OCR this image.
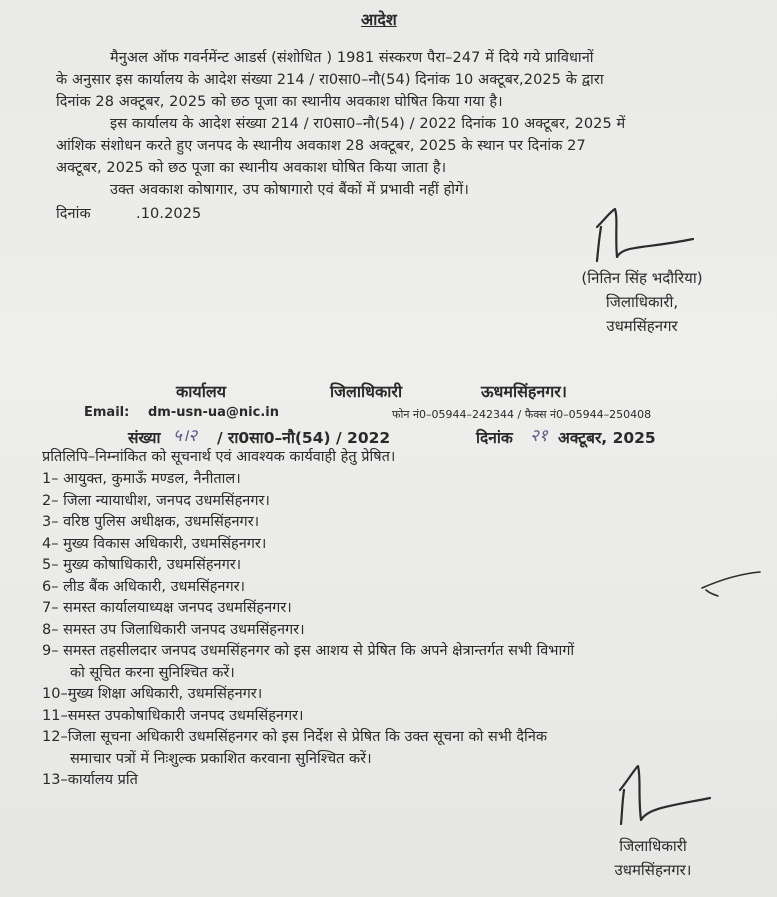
आदेश

मैनुअल ऑफ गवर्नमेंन्ट आडर्स (संशोधित ) 1981 संस्करण पैरा–247 में दिये गये प्राविधानों

के अनुसार इस कार्यालय के आदेश संख्या 214 / रा0सा0–नौ(54) दिनांक 10 अक्टूबर,2025 के द्वारा

दिनांक 28 अक्टूबर, 2025 को छठ पूजा का स्थानीय अवकाश घोषित किया गया है।

इस कार्यालय के आदेश संख्या 214 / रा0सा0–नौ(54) / 2022 दिनांक 10 अक्टूबर, 2025 में

आंशिक संशोधन करते हुए जनपद के स्थानीय अवकाश 28 अक्टूबर, 2025 के स्थान पर दिनांक 27

अक्टूबर, 2025 को छठ पूजा का स्थानीय अवकाश घोषित किया जाता है।

उक्त अवकाश कोषागार, उप कोषागारो एवं बैंकों में प्रभावी नहीं होगें।

दिनांक	.10.2025
(नितिन सिंह भदौरिया)
जिलाधिकारी,
उधमसिंहनगर
कार्यालय	जिलाधिकारी	ऊधमसिंहनगर।
Email: dm-usn-ua@nic.in	फोन नं0–05944–242344 / फैक्स नं0–05944–250408
संख्या ५।२ / रा0सा0–नौ(54) / 2022	दिनांक २१ अक्टूबर, 2025
प्रतिलिपि–निम्नांकित को सूचनार्थ एवं आवश्यक कार्यवाही हेतु प्रेषित।
1– आयुक्त, कुमाऊँ मण्डल, नैनीताल।
2– जिला न्यायाधीश, जनपद उधमसिंहनगर।
3– वरिष्ठ पुलिस अधीक्षक, उधमसिंहनगर।
4– मुख्य विकास अधिकारी, उधमसिंहनगर।
5– मुख्य कोषाधिकारी, उधमसिंहनगर।
6– लीड बैंक अधिकारी, उधमसिंहनगर।
7– समस्त कार्यालयाध्यक्ष जनपद उधमसिंहनगर।
8– समस्त उप जिलाधिकारी जनपद उधमसिंहनगर।
9– समस्त तहसीलदार जनपद उधमसिंहनगर को इस आशय से प्रेषित कि अपने क्षेत्रान्तर्गत सभी विभागों
को सूचित करना सुनिश्चित करें।
10–मुख्य शिक्षा अधिकारी, उधमसिंहनगर।
11–समस्त उपकोषाधिकारी जनपद उधमसिंहनगर।
12–जिला सूचना अधिकारी उधमसिंहनगर को इस निर्देश से प्रेषित कि उक्त सूचना को सभी दैनिक
समाचार पत्रों में निःशुल्क प्रकाशित करवाना सुनिश्चित करें।
13–कार्यालय प्रति
जिलाधिकारी
उधमसिंहनगर।
